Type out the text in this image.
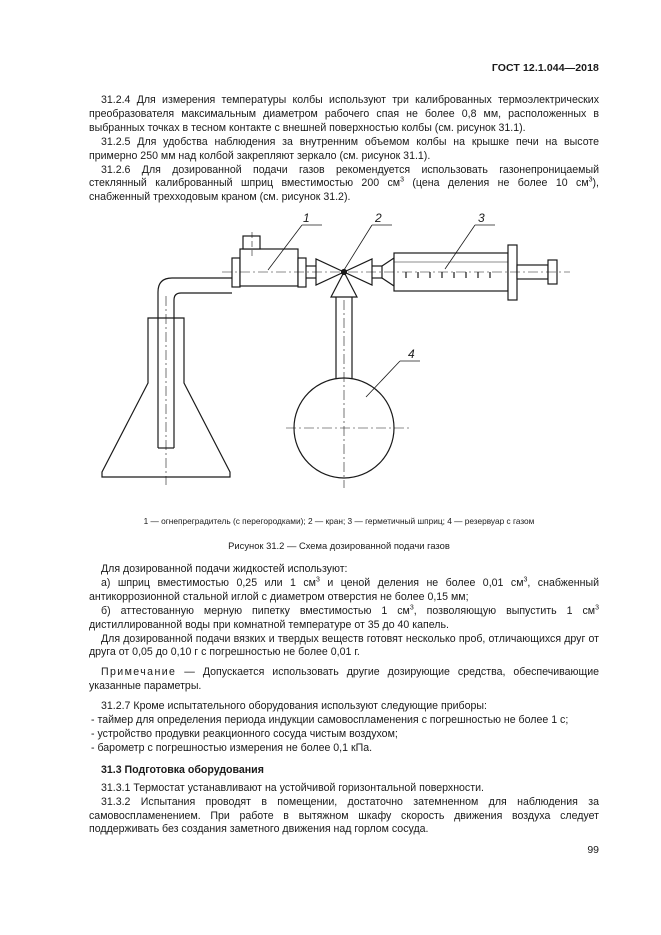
ГОСТ 12.1.044—2018

31.2.4 Для измерения температуры колбы используют три калиброванных термоэлектрических преобразователя максимальным диаметром рабочего спая не более 0,8 мм, расположенных в выбранных точках в тесном контакте с внешней поверхностью колбы (см. рисунок 31.1).

31.2.5 Для удобства наблюдения за внутренним объемом колбы на крышке печи на высоте примерно 250 мм над колбой закрепляют зеркало (см. рисунок 31.1).

31.2.6 Для дозированной подачи газов рекомендуется использовать газонепроницаемый стеклянный калиброванный шприц вместимостью 200 $см^3$ (цена деления не более 10 $см^3$), снабженный трехходовым краном (см. рисунок 31.2).

1	2	3
4
1 — огнепреградитель (с перегородками); 2 — кран; 3 — герметичный шприц; 4 — резервуар с газом
Рисунок 31.2 — Схема дозированной подачи газов

Для дозированной подачи жидкостей используют:

а) шприц вместимостью 0,25 или 1 $см^3$ и ценой деления не более 0,01 $см^3$, снабженный антикоррозионной стальной иглой с диаметром отверстия не более 0,15 мм;

б) аттестованную мерную пипетку вместимостью 1 $см^3$, позволяющую выпустить 1 $см^3$ дистиллированной воды при комнатной температуре от 35 до 40 капель.

Для дозированной подачи вязких и твердых веществ готовят несколько проб, отличающихся друг от друга от 0,05 до 0,10 г с погрешностью не более 0,01 г.

Примечание — Допускается использовать другие дозирующие средства, обеспечивающие указанные параметры.

31.2.7 Кроме испытательного оборудования используют следующие приборы:

- таймер для определения периода индукции самовоспламенения с погрешностью не более 1 с;

- устройство продувки реакционного сосуда чистым воздухом;

- барометр с погрешностью измерения не более 0,1 кПа.

31.3 Подготовка оборудования

31.3.1 Термостат устанавливают на устойчивой горизонтальной поверхности.

31.3.2 Испытания проводят в помещении, достаточно затемненном для наблюдения за самовоспламенением. При работе в вытяжном шкафу скорость движения воздуха следует поддерживать без создания заметного движения над горлом сосуда.

99
